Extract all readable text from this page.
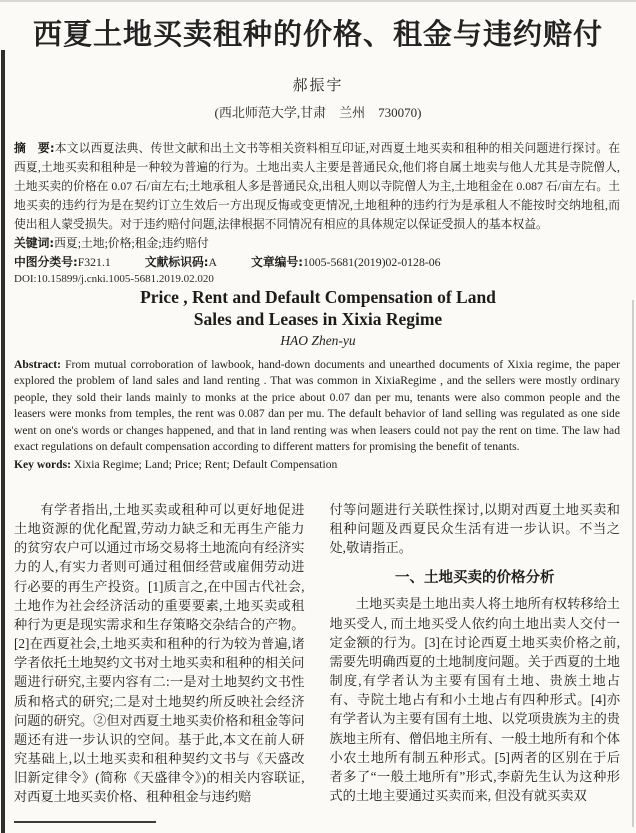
西夏土地买卖租种的价格、租金与违约赔付
郝振宇
(西北师范大学,甘肃　兰州　730070)

摘　要:本文以西夏法典、传世文献和出土文书等相关资料相互印证,对西夏土地买卖和租种的相关问题进行探讨。在西夏,土地买卖和租种是一种较为普遍的行为。土地出卖人主要是普通民众,他们将自属土地卖与他人尤其是寺院僧人,土地买卖的价格在 0.07 石/亩左右;土地承租人多是普通民众,出租人则以寺院僧人为主,土地租金在 0.087 石/亩左右。土地买卖的违约行为是在契约订立生效后一方出现反悔或变更情况,土地租种的违约行为是承租人不能按时交纳地租,而使出租人蒙受损失。对于违约赔付问题,法律根据不同情况有相应的具体规定以保证受损人的基本权益。

关键词:西夏;土地;价格;租金;违约赔付

中图分类号:F321.1	文献标识码:A	文章编号:1005-5681(2019)02-0128-06

DOI:10.15899/j.cnki.1005-5681.2019.02.020

Price , Rent and Default Compensation of Land
Sales and Leases in Xixia Regime
HAO Zhen-yu

Abstract: From mutual corroboration of lawbook, hand-down documents and unearthed documents of Xixia regime, the paper explored the problem of land sales and land renting . That was common in XixiaRegime , and the sellers were mostly ordinary people, they sold their lands mainly to monks at the price about 0.07 dan per mu, tenants were also common people and the leasers were monks from temples, the rent was 0.087 dan per mu. The default behavior of land selling was regulated as one side went on one's words or changes happened, and that in land renting was when leasers could not pay the rent on time. The law had exact regulations on default compensation according to different matters for promising the benefit of tenants.

Key words: Xixia Regime; Land; Price; Rent; Default Compensation

有学者指出,土地买卖或租种可以更好地促进土地资源的优化配置,劳动力缺乏和无再生产能力的贫穷农户可以通过市场交易将土地流向有经济实力的人,有实力者则可通过租佃经营或雇佣劳动进行必要的再生产投资。[1]质言之,在中国古代社会,土地作为社会经济活动的重要要素,土地买卖或租种行为更是现实需求和生存策略交杂结合的产物。[2]在西夏社会,土地买卖和租种的行为较为普遍,诸学者依托土地契约文书对土地买卖和租种的相关问题进行研究,主要内容有二:一是对土地契约文书性质和格式的研究;二是对土地契约所反映社会经济问题的研究。②但对西夏土地买卖价格和租金等问题还有进一步认识的空间。基于此,本文在前人研究基础上,以土地买卖和租种契约文书与《天盛改旧新定律令》(简称《天盛律令》)的相关内容联证,对西夏土地买卖价格、租种租金与违约赔

付等问题进行关联性探讨,以期对西夏土地买卖和租种问题及西夏民众生活有进一步认识。不当之处,敬请指正。

一、土地买卖的价格分析

土地买卖是土地出卖人将土地所有权转移给土地买受人, 而土地买受人依约向土地出卖人交付一定金额的行为。[3]在讨论西夏土地买卖价格之前,需要先明确西夏的土地制度问题。关于西夏的土地制度,有学者认为主要有国有土地、贵族土地占有、寺院土地占有和小土地占有四种形式。[4]亦有学者认为主要有国有土地、以党项贵族为主的贵族地主所有、僧侣地主所有、一般土地所有和个体小农土地所有制五种形式。[5]两者的区别在于后者多了“一般土地所有”形式,李蔚先生认为这种形式的土地主要通过买卖而来, 但没有就买卖双
